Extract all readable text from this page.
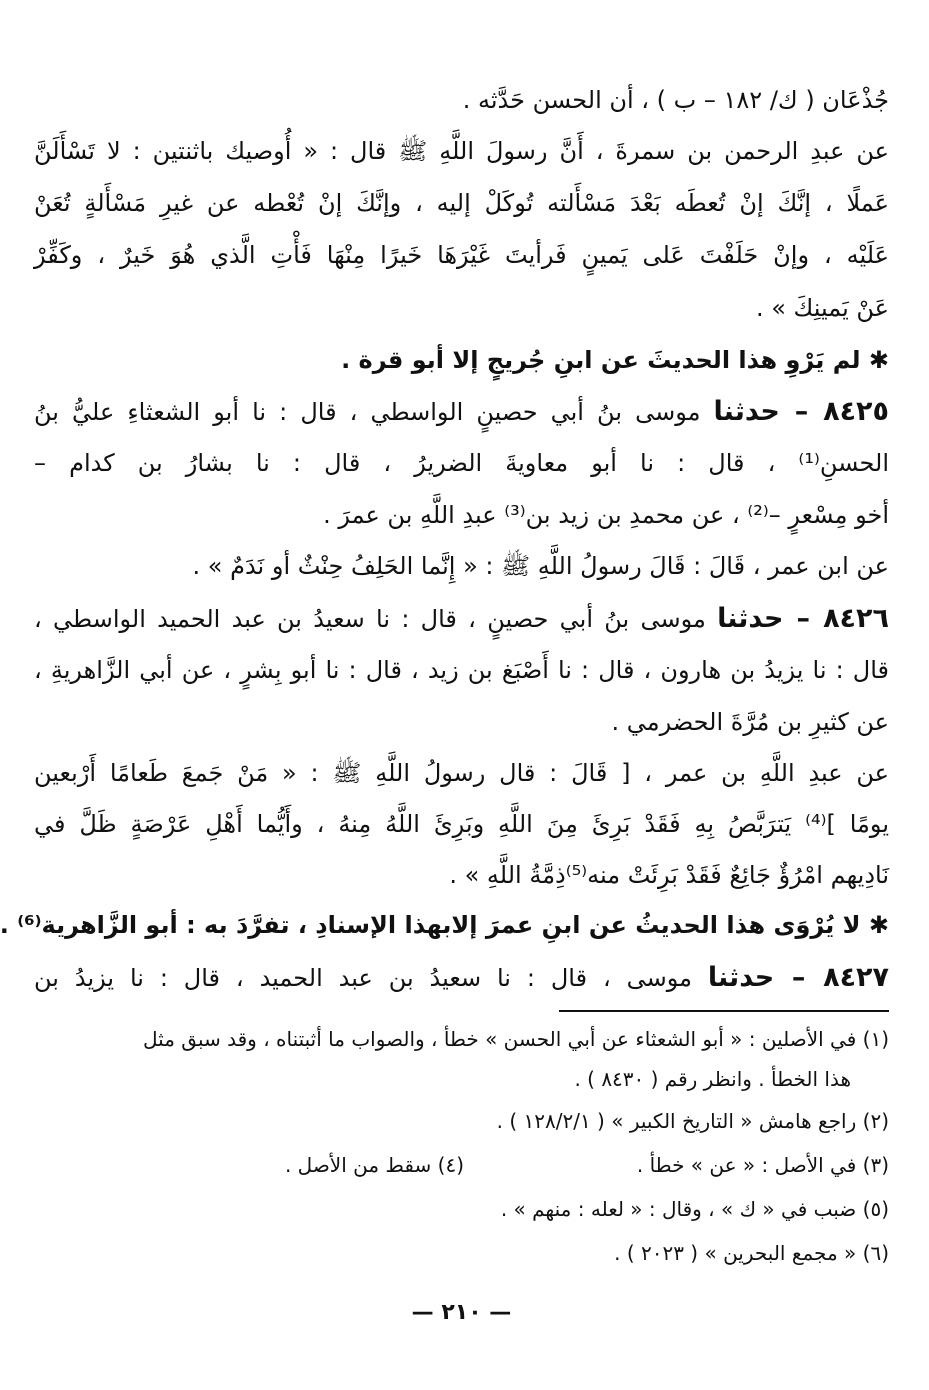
جُذْعَان ( ك/ ١٨٢ – ب ) ، أن الحسن حَدَّثه .
عن عبدِ الرحمن بن سمرةَ ، أَنَّ رسولَ اللَّهِ ﷺ قال : « أُوصيك باثنتين : لا تَسْأَلَنَّ
عَملًا ، إنَّكَ إنْ تُعطَه بَعْدَ مَسْأَلته تُوكَلْ إليه ، وإنَّكَ إنْ تُعْطه عن غيرِ مَسْأَلةٍ تُعَنْ
عَلَيْه ، وإنْ حَلَفْتَ عَلى يَمينٍ فَرأيتَ غَيْرَهَا خَيرًا مِنْهَا فَأْتِ الَّذي هُوَ خَيرٌ ، وكَفِّرْ
عَنْ يَمينِكَ » .
✱ لم يَرْوِ هذا الحديثَ عن ابنِ جُريجٍ إلا أبو قرة .
٨٤٢٥ – حدثنا موسى بنُ أبي حصينٍ الواسطي ، قال : نا أبو الشعثاءِ عليُّ بنُ
الحسنِ⁽¹⁾ ، قال : نا أبو معاويةَ الضريرُ ، قال : نا بشارُ بن كدام –
أخو مِسْعرٍ –⁽²⁾ ، عن محمدِ بن زيد بن⁽³⁾ عبدِ اللَّهِ بن عمرَ .
عن ابن عمر ، قَالَ : قَالَ رسولُ اللَّهِ ﷺ : « إِنَّما الحَلِفُ حِنْثٌ أو نَدَمٌ » .
٨٤٢٦ – حدثنا موسى بنُ أبي حصينٍ ، قال : نا سعيدُ بن عبد الحميد الواسطي ،
قال : نا يزيدُ بن هارون ، قال : نا أَصْبَغ بن زيد ، قال : نا أبو بِشرٍ ، عن أبي الزَّاهريةِ ،
عن كثيرِ بن مُرَّةَ الحضرمي .
عن عبدِ اللَّهِ بن عمر ، [ قَالَ : قال رسولُ اللَّهِ ﷺ : « مَنْ جَمعَ طَعامًا أَرْبعين
يومًا ]⁽⁴⁾ يَترَبَّصُ بِهِ فَقَدْ بَرِئَ مِنَ اللَّهِ وبَرِئَ اللَّهُ مِنهُ ، وأَيُّما أَهْلِ عَرْصَةٍ ظَلَّ في
نَادِيهم امْرُؤٌ جَائِعٌ فَقَدْ بَرِئَتْ منه⁽⁵⁾ذِمَّةُ اللَّهِ » .
✱ لا يُرْوَى هذا الحديثُ عن ابنِ عمرَ إلابهذا الإسنادِ ، تفرَّدَ به : أبو الزَّاهرية⁽⁶⁾ .
٨٤٢٧ – حدثنا موسى ، قال : نا سعيدُ بن عبد الحميد ، قال : نا يزيدُ بن
(١) في الأصلين : « أبو الشعثاء عن أبي الحسن » خطأ ، والصواب ما أثبتناه ، وقد سبق مثل
هذا الخطأ . وانظر رقم ( ٨٤٣٠ ) .
(٢) راجع هامش « التاريخ الكبير » ( ١٢٨/٢/١ ) .
(٣) في الأصل : « عن » خطأ .
(٤) سقط من الأصل .
(٥) ضبب في « ك » ، وقال : « لعله : منهم » .
(٦) « مجمع البحرين » ( ٢٠٢٣ ) .
— ٢١٠ —
